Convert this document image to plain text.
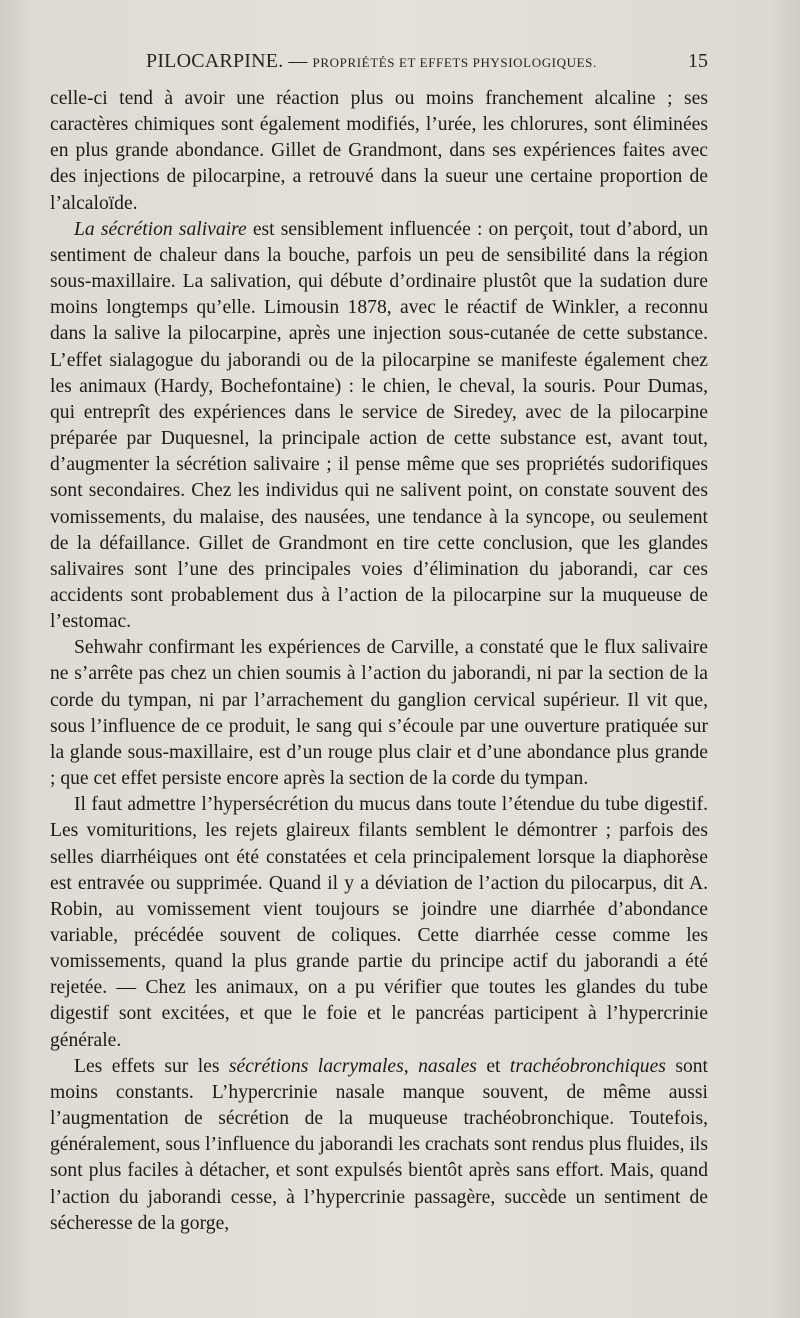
PILOCARPINE. — PROPRIÉTÉS ET EFFETS PHYSIOLOGIQUES.	15

celle-ci tend à avoir une réaction plus ou moins franchement alcaline ; ses caractères chimiques sont également modifiés, l’urée, les chlorures, sont éliminées en plus grande abondance. Gillet de Grandmont, dans ses expériences faites avec des injections de pilocarpine, a retrouvé dans la sueur une certaine proportion de l’alcaloïde.

La sécrétion salivaire est sensiblement influencée : on perçoit, tout d’abord, un sentiment de chaleur dans la bouche, parfois un peu de sensibilité dans la région sous-maxillaire. La salivation, qui débute d’ordinaire plustôt que la sudation dure moins longtemps qu’elle. Limousin 1878, avec le réactif de Winkler, a reconnu dans la salive la pilocarpine, après une injection sous-cutanée de cette substance. L’effet sialagogue du jaborandi ou de la pilocarpine se manifeste également chez les animaux (Hardy, Bochefontaine) : le chien, le cheval, la souris. Pour Dumas, qui entreprît des expériences dans le service de Siredey, avec de la pilocarpine préparée par Duquesnel, la principale action de cette substance est, avant tout, d’augmenter la sécrétion salivaire ; il pense même que ses propriétés sudorifiques sont secondaires. Chez les individus qui ne salivent point, on constate souvent des vomissements, du malaise, des nausées, une tendance à la syncope, ou seulement de la défaillance. Gillet de Grandmont en tire cette conclusion, que les glandes salivaires sont l’une des principales voies d’élimination du jaborandi, car ces accidents sont probablement dus à l’action de la pilocarpine sur la muqueuse de l’estomac.

Sehwahr confirmant les expériences de Carville, a constaté que le flux salivaire ne s’arrête pas chez un chien soumis à l’action du jaborandi, ni par la section de la corde du tympan, ni par l’arrachement du ganglion cervical supérieur. Il vit que, sous l’influence de ce produit, le sang qui s’écoule par une ouverture pratiquée sur la glande sous-maxillaire, est d’un rouge plus clair et d’une abondance plus grande ; que cet effet persiste encore après la section de la corde du tympan.

Il faut admettre l’hypersécrétion du mucus dans toute l’étendue du tube digestif. Les vomituritions, les rejets glaireux filants semblent le démontrer ; parfois des selles diarrhéiques ont été constatées et cela principalement lorsque la diaphorèse est entravée ou supprimée. Quand il y a déviation de l’action du pilocarpus, dit A. Robin, au vomissement vient toujours se joindre une diarrhée d’abondance variable, précédée souvent de coliques. Cette diarrhée cesse comme les vomissements, quand la plus grande partie du principe actif du jaborandi a été rejetée. — Chez les animaux, on a pu vérifier que toutes les glandes du tube digestif sont excitées, et que le foie et le pancréas participent à l’hypercrinie générale.

Les effets sur les sécrétions lacrymales, nasales et trachéobronchiques sont moins constants. L’hypercrinie nasale manque souvent, de même aussi l’augmentation de sécrétion de la muqueuse trachéobronchique. Toutefois, généralement, sous l’influence du jaborandi les crachats sont rendus plus fluides, ils sont plus faciles à détacher, et sont expulsés bientôt après sans effort. Mais, quand l’action du jaborandi cesse, à l’hypercrinie passagère, succède un sentiment de sécheresse de la gorge,
